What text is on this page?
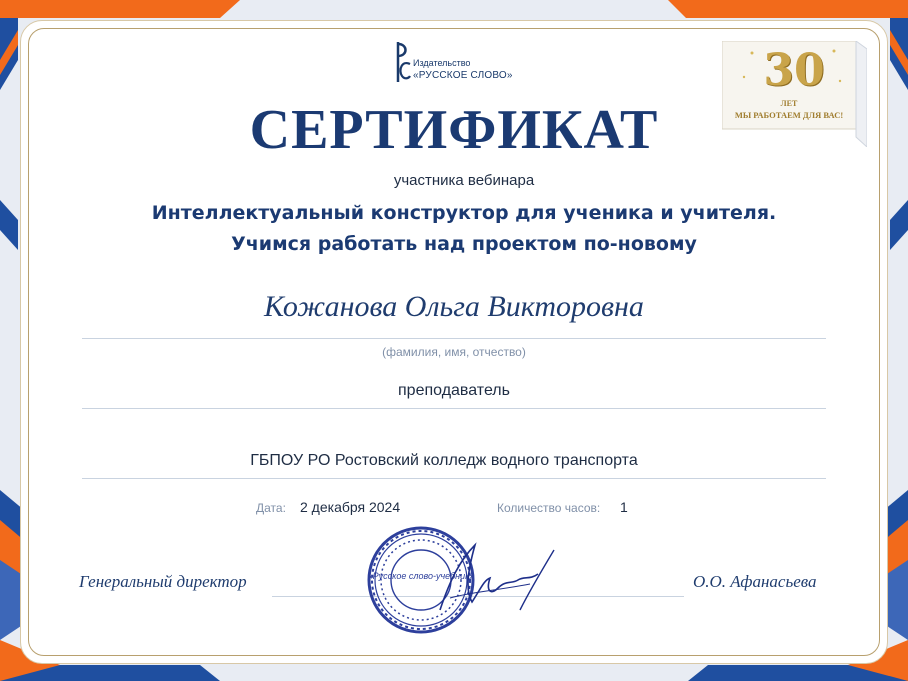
Издательство
«РУССКОЕ СЛОВО»	30
ЛЕТ
МЫ РАБОТАЕМ ДЛЯ ВАС!
СЕРТИФИКАТ
участника вебинара
Интеллектуальный конструктор для ученика и учителя. Учимся работать над проектом по-новому
Кожанова Ольга Викторовна
(фамилия, имя, отчество)
преподаватель
ГБПОУ РО Ростовский колледж водного транспорта
Дата: 2 декабря 2024	Количество часов: 1
Генеральный директор	О.О. Афанасьева
«Русское слово-учебник»
